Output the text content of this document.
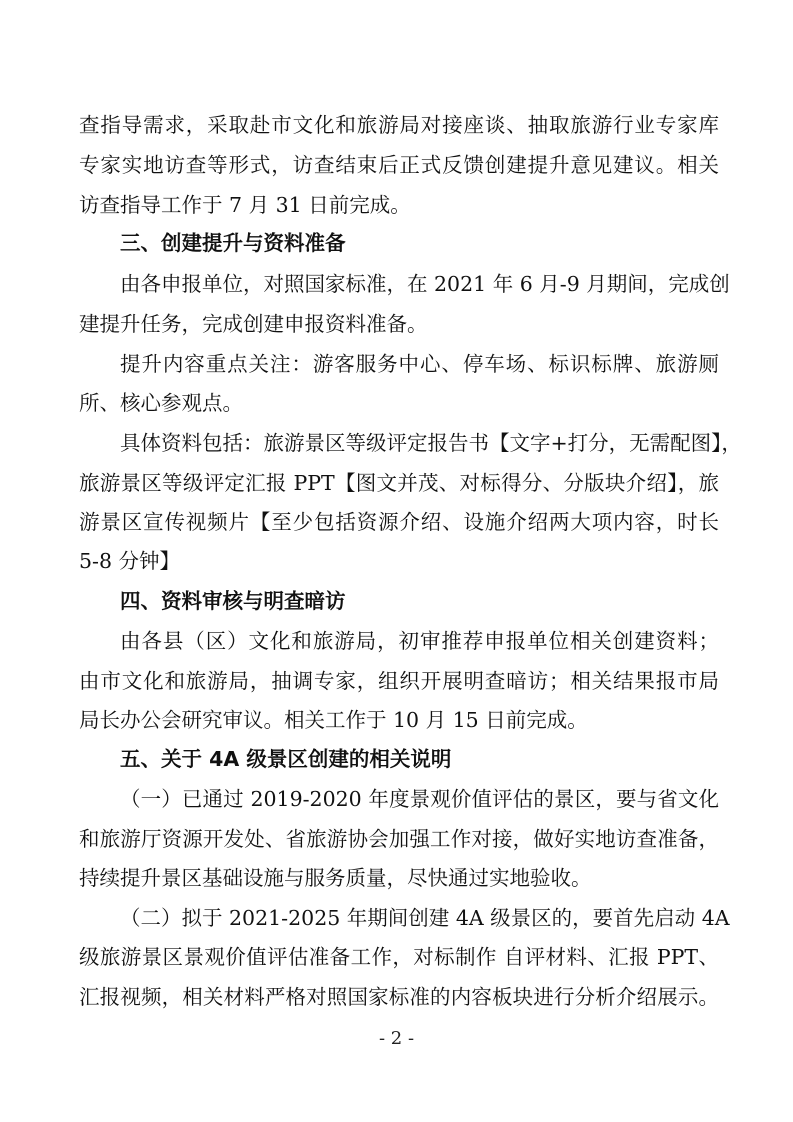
查指导需求，采取赴市文化和旅游局对接座谈、抽取旅游行业专家库
专家实地访查等形式，访查结束后正式反馈创建提升意见建议。相关
访查指导工作于 7 月 31 日前完成。
三、创建提升与资料准备
由各申报单位，对照国家标准，在 2021 年 6 月-9 月期间，完成创
建提升任务，完成创建申报资料准备。
提升内容重点关注：游客服务中心、停车场、标识标牌、旅游厕
所、核心参观点。
具体资料包括：旅游景区等级评定报告书【文字+打分，无需配图】，
旅游景区等级评定汇报 PPT【图文并茂、对标得分、分版块介绍】，旅
游景区宣传视频片【至少包括资源介绍、设施介绍两大项内容，时长
5-8 分钟】
四、资料审核与明查暗访
由各县（区）文化和旅游局，初审推荐申报单位相关创建资料；
由市文化和旅游局，抽调专家，组织开展明查暗访；相关结果报市局
局长办公会研究审议。相关工作于 10 月 15 日前完成。
五、关于 4A 级景区创建的相关说明
（一）已通过 2019-2020 年度景观价值评估的景区，要与省文化
和旅游厅资源开发处、省旅游协会加强工作对接，做好实地访查准备，
持续提升景区基础设施与服务质量，尽快通过实地验收。
（二）拟于 2021-2025 年期间创建 4A 级景区的，要首先启动 4A
级旅游景区景观价值评估准备工作，对标制作 自评材料、汇报 PPT、
汇报视频，相关材料严格对照国家标准的内容板块进行分析介绍展示。
- 2 -
